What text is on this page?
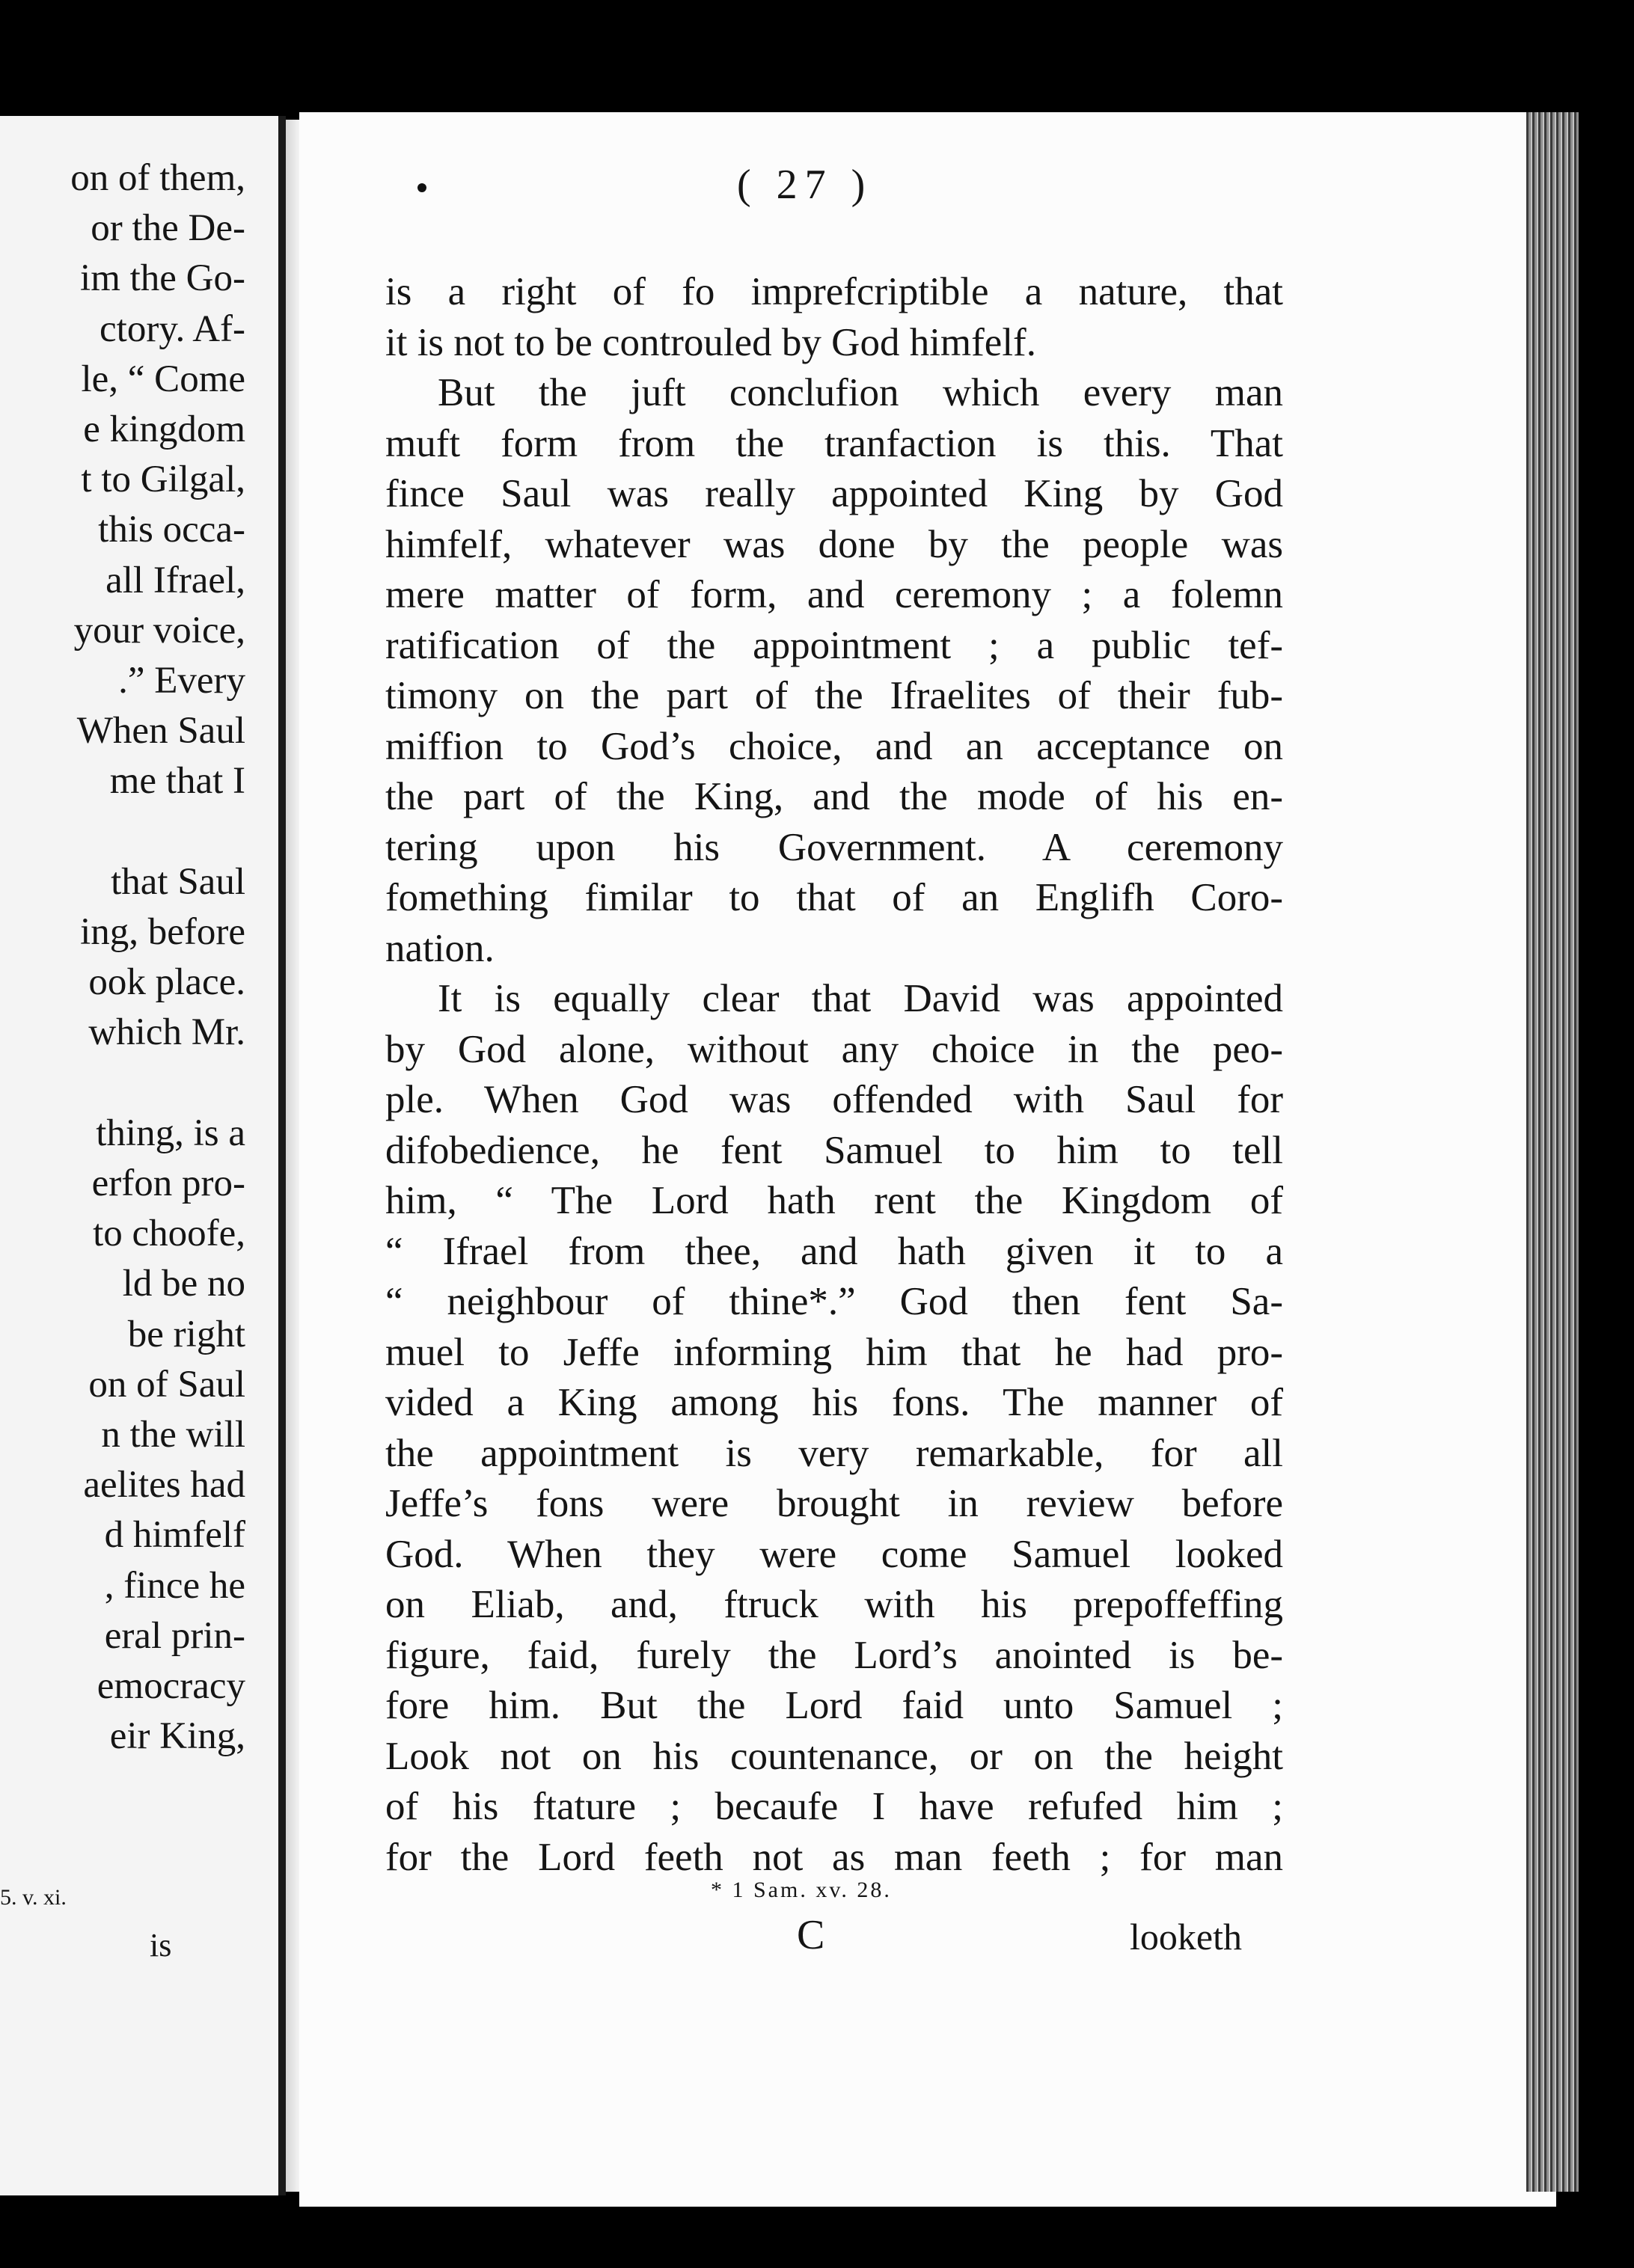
on of them,
or the De-
im the Go-
ctory. Af-
le, “ Come
e kingdom
t to Gilgal,
this occa-
all Ifrael,
your voice,
.” Every
When Saul
me that I
that Saul
ing, before
ook place.
which Mr.
thing, is a
erfon pro-
to choofe,
ld be no
be right
on of Saul
n the will
aelites had
d himfelf
, fince he
eral prin-
emocracy
eir King,
5. v. xi.
is
( 27 )
is a right of fo imprefcriptible a nature, that
it is not to be controuled by God himfelf.
But the juft conclufion which every man
muft form from the tranfaction is this. That
fince Saul was really appointed King by God
himfelf, whatever was done by the people was
mere matter of form, and ceremony ; a folemn
ratification of the appointment ; a public tef-
timony on the part of the Ifraelites of their fub-
miffion to God’s choice, and an acceptance on
the part of the King, and the mode of his en-
tering upon his Government. A ceremony
fomething fimilar to that of an Englifh Coro-
nation.
It is equally clear that David was appointed
by God alone, without any choice in the peo-
ple. When God was offended with Saul for
difobedience, he fent Samuel to him to tell
him, “ The Lord hath rent the Kingdom of
“ Ifrael from thee, and hath given it to a
“ neighbour of thine*.” God then fent Sa-
muel to Jeffe informing him that he had pro-
vided a King among his fons. The manner of
the appointment is very remarkable, for all
Jeffe’s fons were brought in review before
God. When they were come Samuel looked
on Eliab, and, ftruck with his prepoffeffing
figure, faid, furely the Lord’s anointed is be-
fore him. But the Lord faid unto Samuel ;
Look not on his countenance, or on the height
of his ftature ; becaufe I have refufed him ;
for the Lord feeth not as man feeth ; for man
* 1 Sam. xv. 28.
C	looketh
